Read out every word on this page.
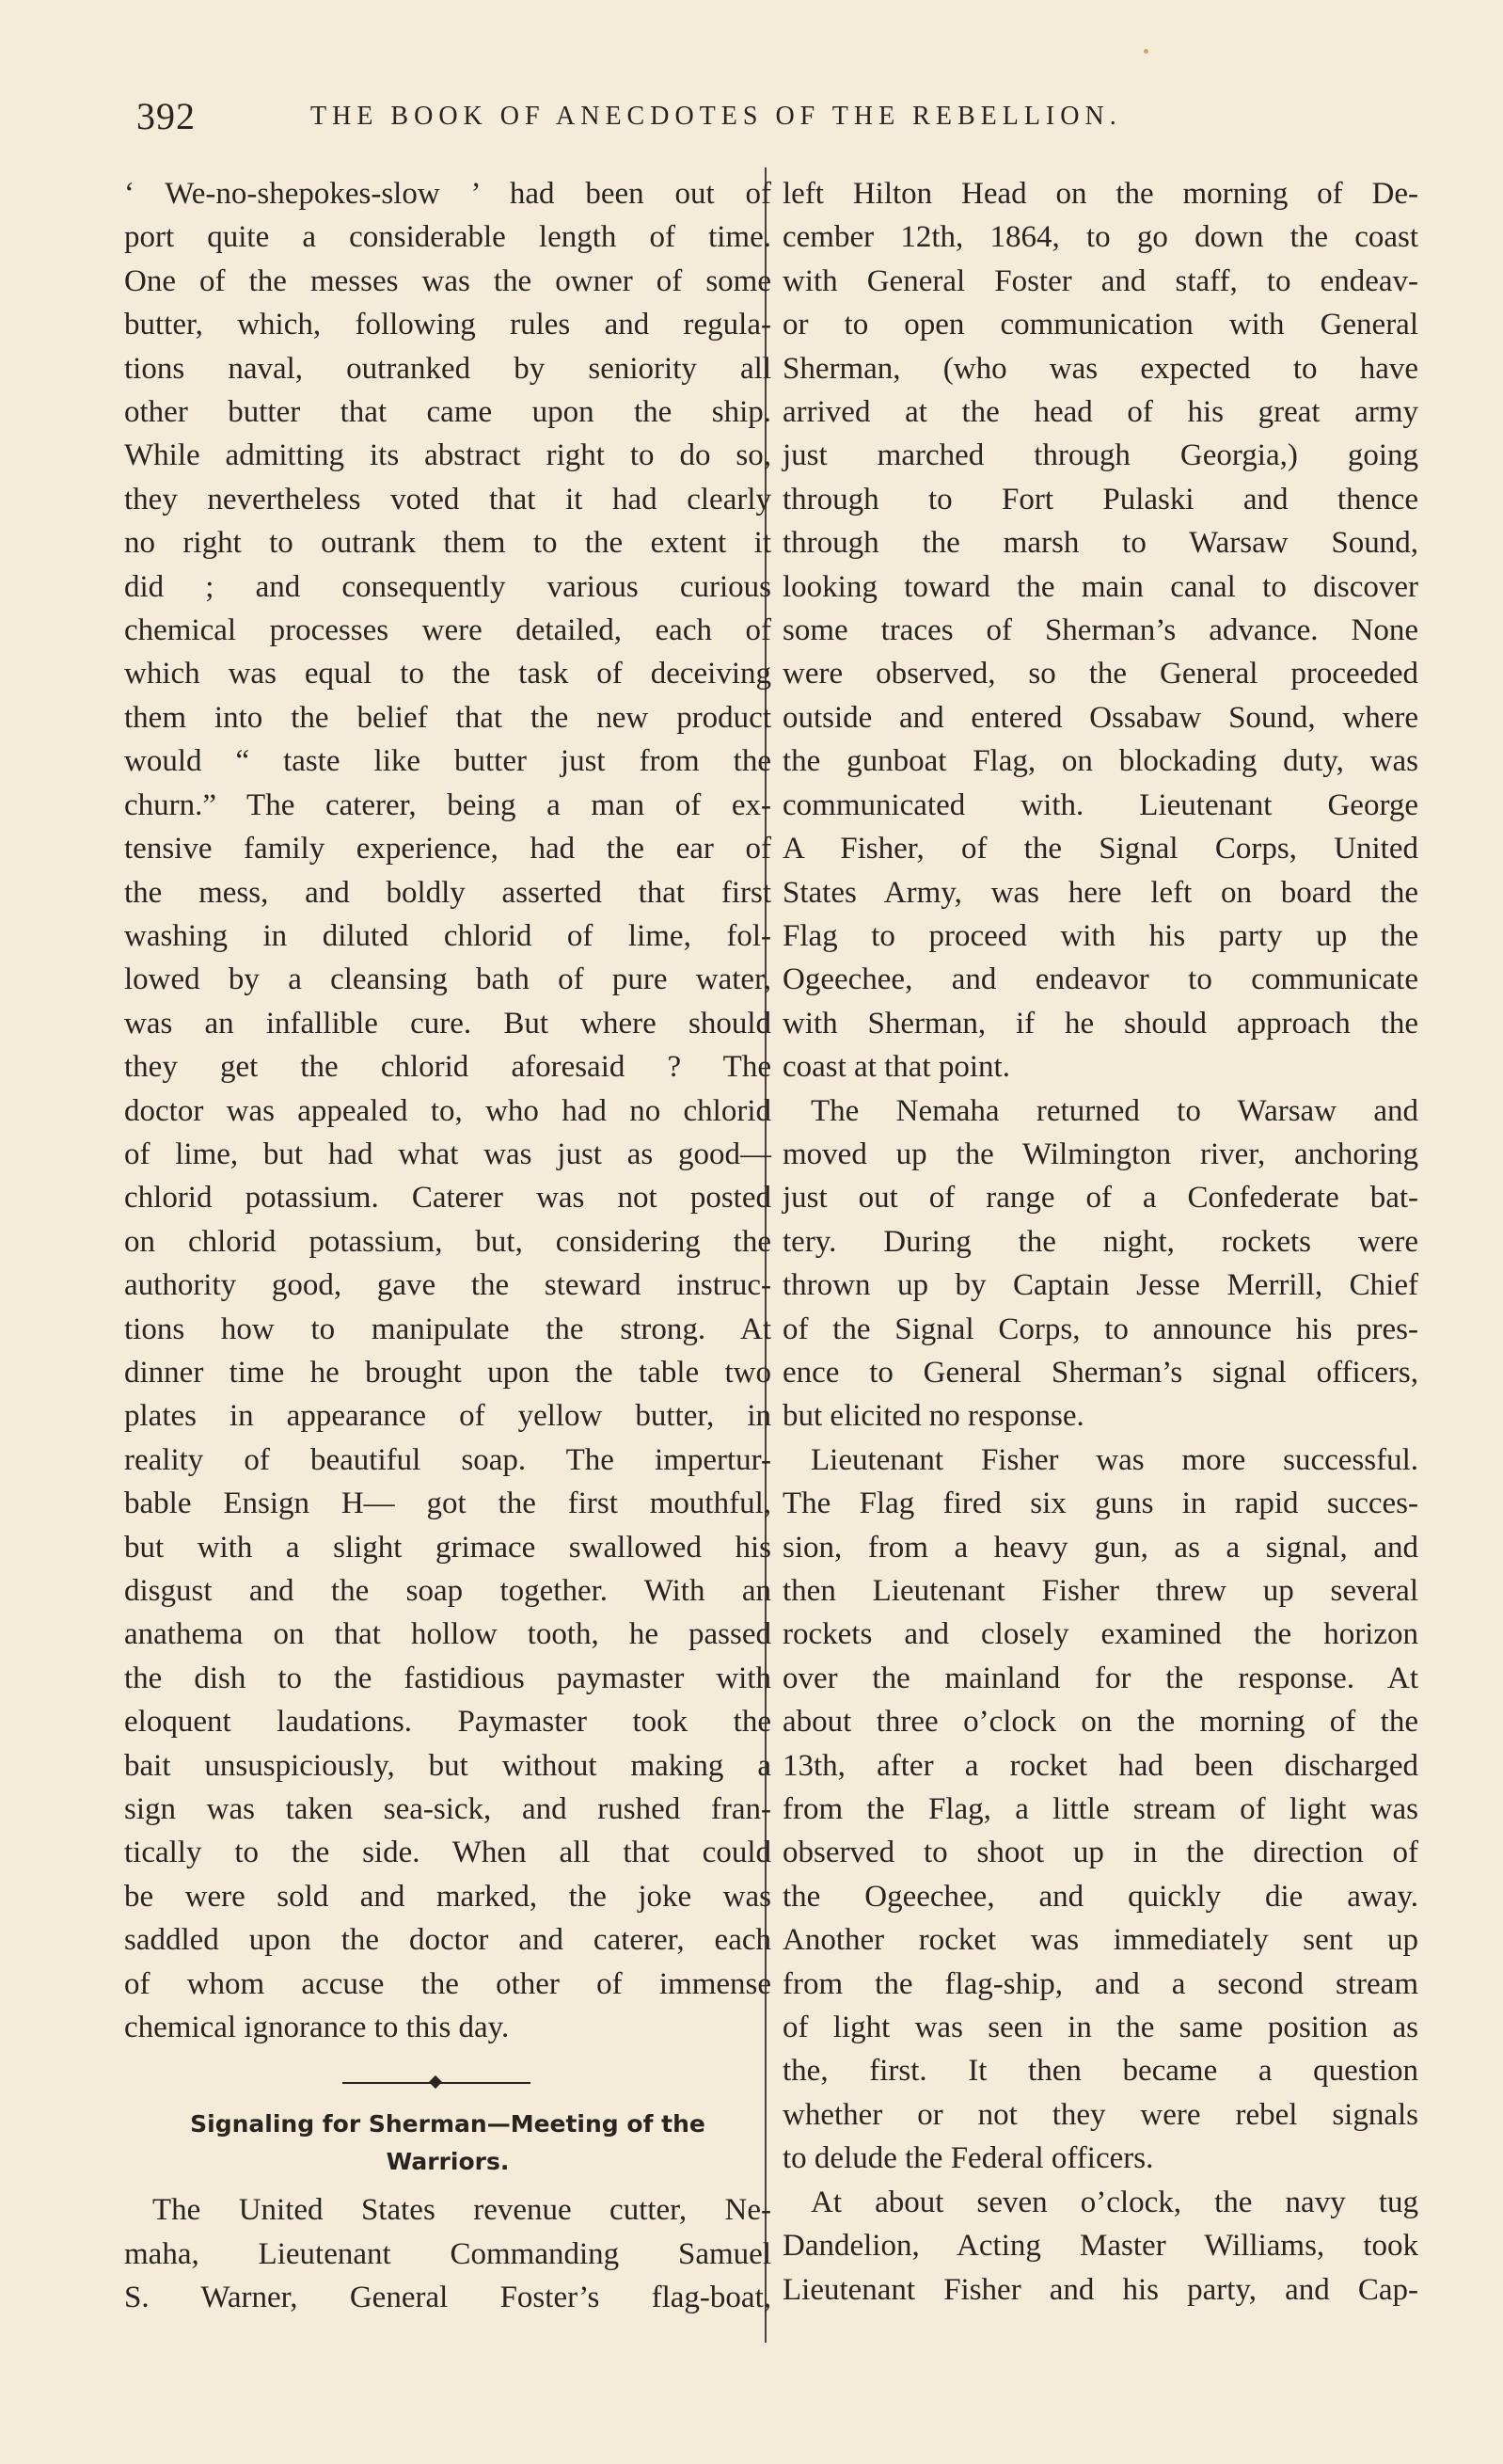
392	THE BOOK OF ANECDOTES OF THE REBELLION.
‘ We-no-shepokes-slow ’ had been out of
port quite a considerable length of time.
One of the messes was the owner of some
butter, which, following rules and regula-
tions naval, outranked by seniority all
other butter that came upon the ship.
While admitting its abstract right to do so,
they nevertheless voted that it had clearly
no right to outrank them to the extent it
did ; and consequently various curious
chemical processes were detailed, each of
which was equal to the task of deceiving
them into the belief that the new product
would “ taste like butter just from the
churn.” The caterer, being a man of ex-
tensive family experience, had the ear of
the mess, and boldly asserted that first
washing in diluted chlorid of lime, fol-
lowed by a cleansing bath of pure water,
was an infallible cure. But where should
they get the chlorid aforesaid ? The
doctor was appealed to, who had no chlorid
of lime, but had what was just as good—
chlorid potassium. Caterer was not posted
on chlorid potassium, but, considering the
authority good, gave the steward instruc-
tions how to manipulate the strong. At
dinner time he brought upon the table two
plates in appearance of yellow butter, in
reality of beautiful soap. The impertur-
bable Ensign H— got the first mouthful,
but with a slight grimace swallowed his
disgust and the soap together. With an
anathema on that hollow tooth, he passed
the dish to the fastidious paymaster with
eloquent laudations. Paymaster took the
bait unsuspiciously, but without making a
sign was taken sea-sick, and rushed fran-
tically to the side. When all that could
be were sold and marked, the joke was
saddled upon the doctor and caterer, each
of whom accuse the other of immense
chemical ignorance to this day.
Signaling for Sherman—Meeting of the
Warriors.
The United States revenue cutter, Ne-
maha, Lieutenant Commanding Samuel
S. Warner, General Foster’s flag-boat,
left Hilton Head on the morning of De-
cember 12th, 1864, to go down the coast
with General Foster and staff, to endeav-
or to open communication with General
Sherman, (who was expected to have
arrived at the head of his great army
just marched through Georgia,) going
through to Fort Pulaski and thence
through the marsh to Warsaw Sound,
looking toward the main canal to discover
some traces of Sherman’s advance. None
were observed, so the General proceeded
outside and entered Ossabaw Sound, where
the gunboat Flag, on blockading duty, was
communicated with. Lieutenant George
A Fisher, of the Signal Corps, United
States Army, was here left on board the
Flag to proceed with his party up the
Ogeechee, and endeavor to communicate
with Sherman, if he should approach the
coast at that point.
The Nemaha returned to Warsaw and
moved up the Wilmington river, anchoring
just out of range of a Confederate bat-
tery. During the night, rockets were
thrown up by Captain Jesse Merrill, Chief
of the Signal Corps, to announce his pres-
ence to General Sherman’s signal officers,
but elicited no response.
Lieutenant Fisher was more successful.
The Flag fired six guns in rapid succes-
sion, from a heavy gun, as a signal, and
then Lieutenant Fisher threw up several
rockets and closely examined the horizon
over the mainland for the response. At
about three o’clock on the morning of the
13th, after a rocket had been discharged
from the Flag, a little stream of light was
observed to shoot up in the direction of
the Ogeechee, and quickly die away.
Another rocket was immediately sent up
from the flag-ship, and a second stream
of light was seen in the same position as
the, first. It then became a question
whether or not they were rebel signals
to delude the Federal officers.
At about seven o’clock, the navy tug
Dandelion, Acting Master Williams, took
Lieutenant Fisher and his party, and Cap-
